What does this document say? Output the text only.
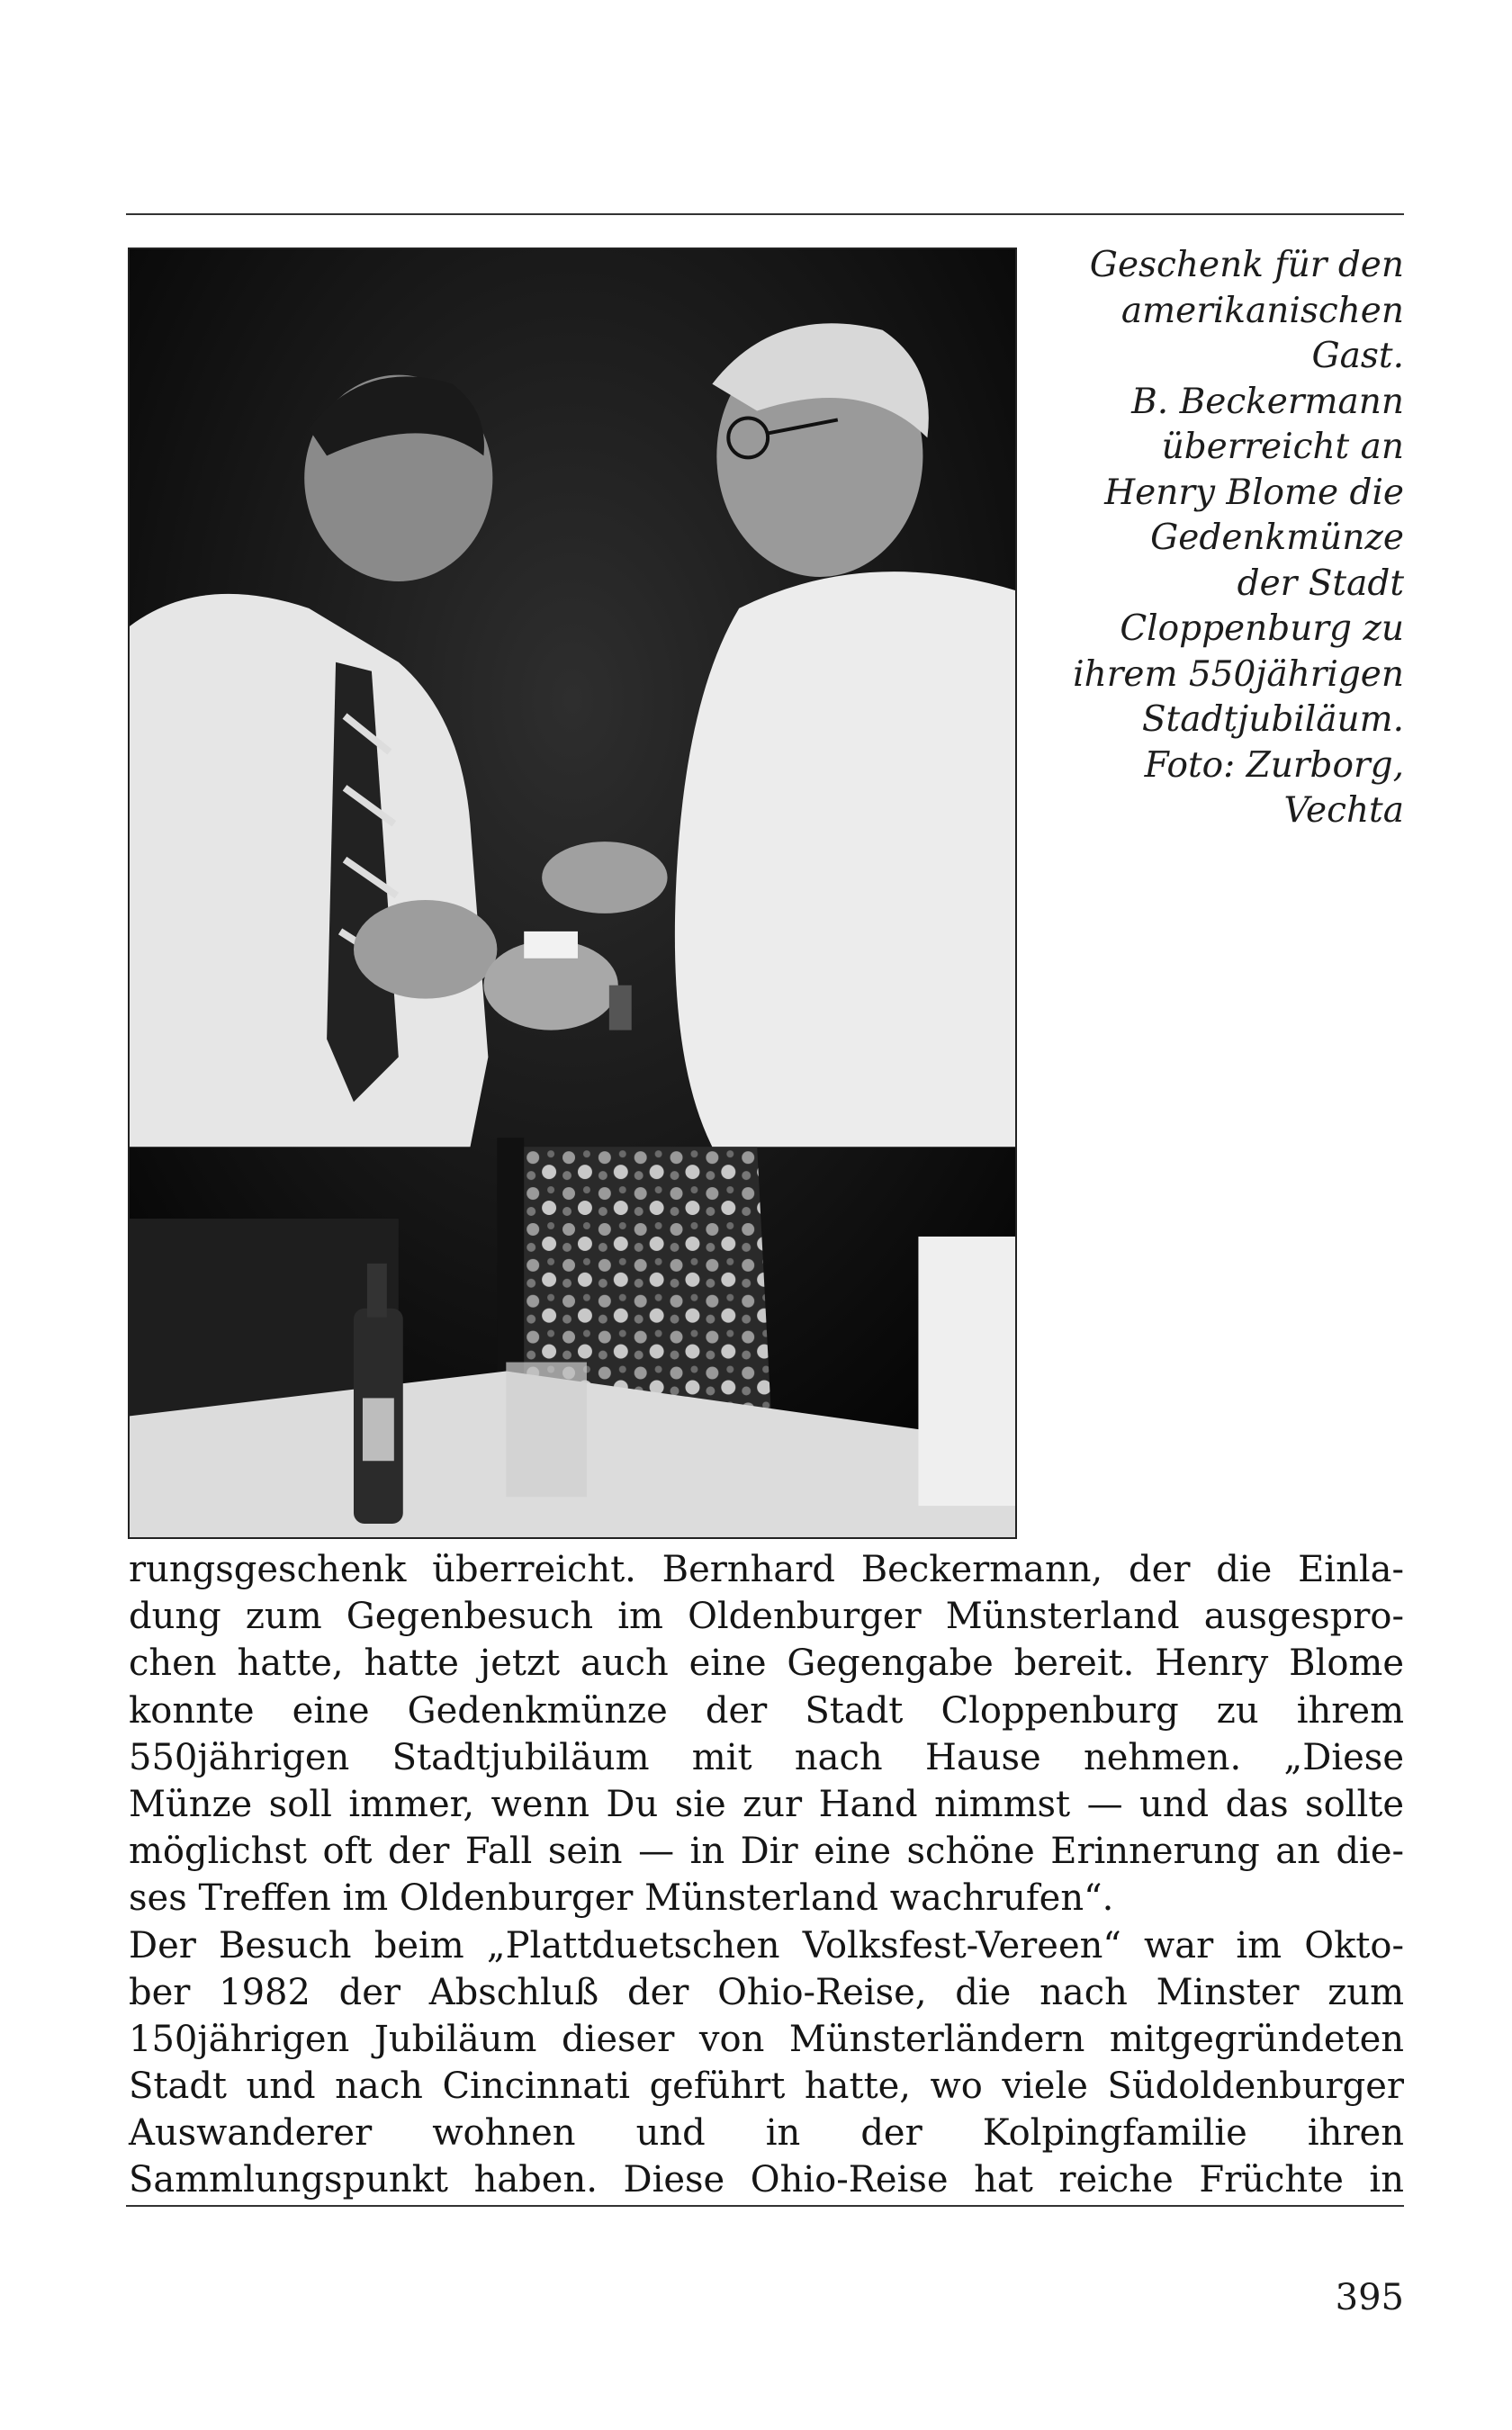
Geschenk für den
amerikanischen
Gast.
B. Beckermann
überreicht an
Henry Blome die
Gedenkmünze
der Stadt
Cloppenburg zu
ihrem 550jährigen
Stadtjubiläum.
Foto: Zurborg,
Vechta
rungsgeschenk überreicht. Bernhard Beckermann, der die Einla-
dung zum Gegenbesuch im Oldenburger Münsterland ausgespro-
chen hatte, hatte jetzt auch eine Gegengabe bereit. Henry Blome
konnte eine Gedenkmünze der Stadt Cloppenburg zu ihrem
550jährigen Stadtjubiläum mit nach Hause nehmen. „Diese
Münze soll immer, wenn Du sie zur Hand nimmst — und das sollte
möglichst oft der Fall sein — in Dir eine schöne Erinnerung an die-
ses Treffen im Oldenburger Münsterland wachrufen“.
Der Besuch beim „Plattduetschen Volksfest-Vereen“ war im Okto-
ber 1982 der Abschluß der Ohio-Reise, die nach Minster zum
150jährigen Jubiläum dieser von Münsterländern mitgegründeten
Stadt und nach Cincinnati geführt hatte, wo viele Südoldenburger
Auswanderer wohnen und in der Kolpingfamilie ihren
Sammlungspunkt haben. Diese Ohio-Reise hat reiche Früchte in
395
